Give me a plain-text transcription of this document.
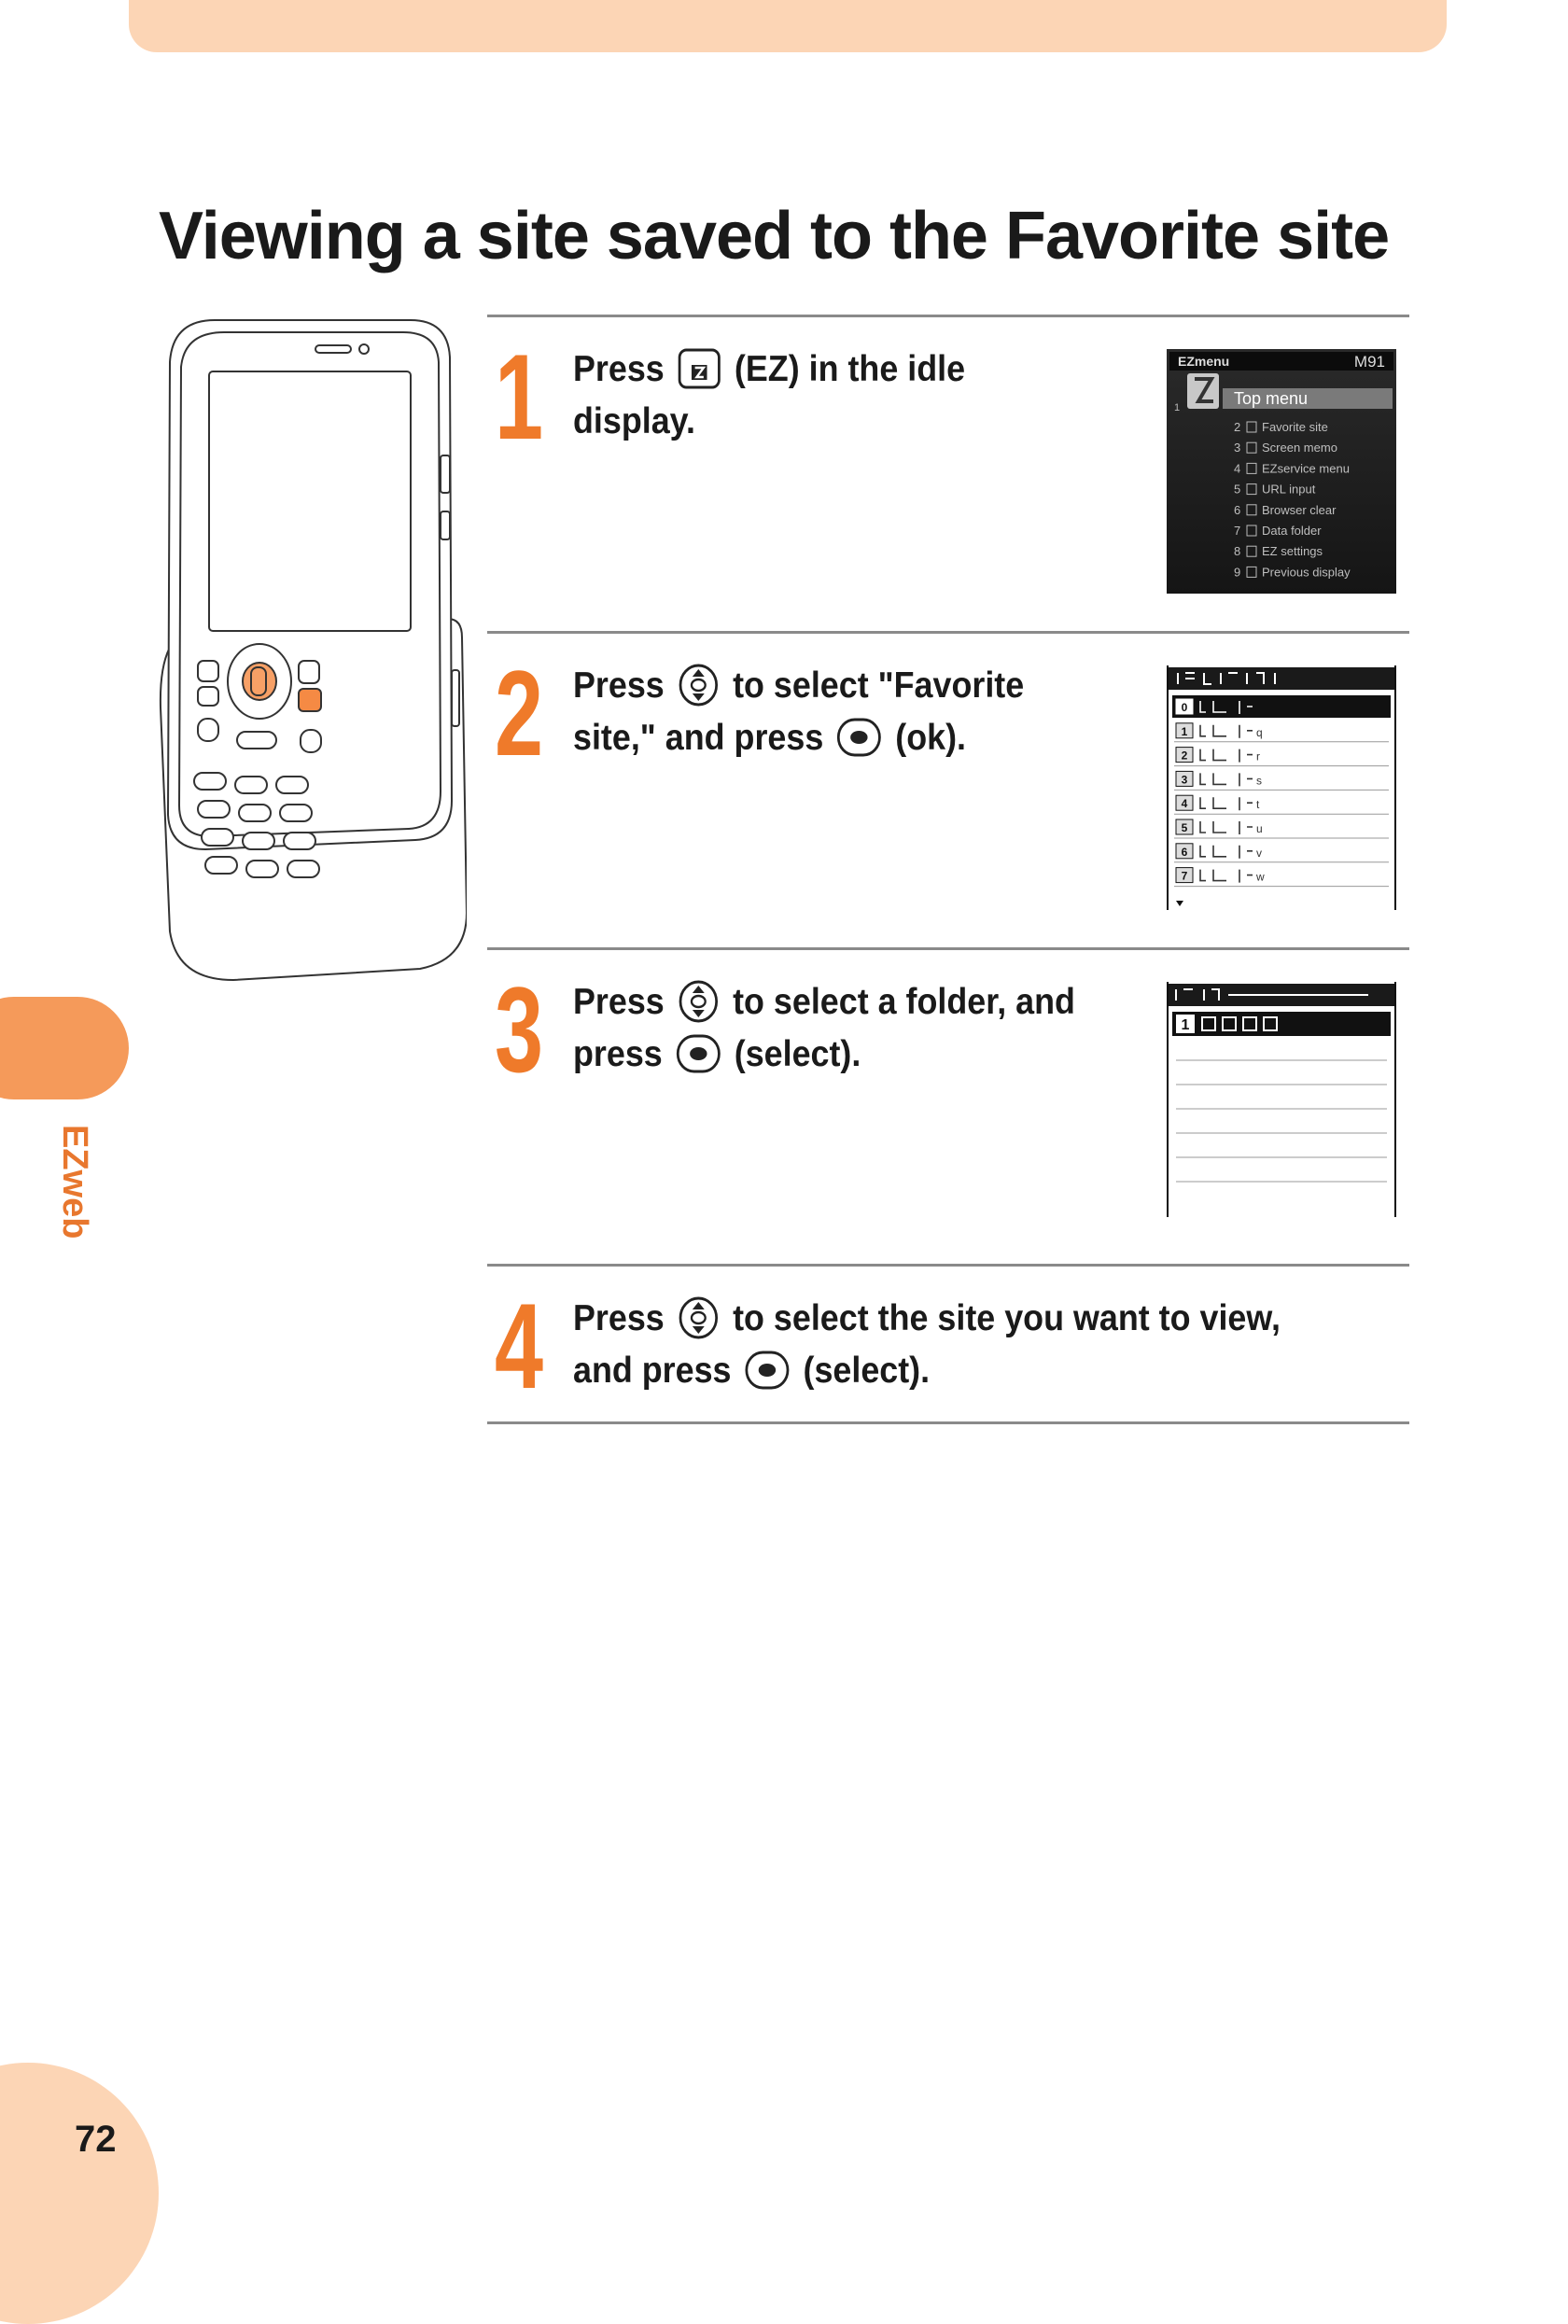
Viewing a site saved to the Favorite site
EZweb
72
1 Press (EZ) in the idle display.
EZmenu	M91
1	Top menu
2 Favorite site
3 Screen memo
4 EZservice menu
5 URL input
6 Browser clear
7 Data folder
8 EZ settings
9 Previous display
2 Press to select "Favorite site," and press (ok).
0
1	q
2	r
3	s
4	t
5	u
6	v
7	w
3 Press to select a folder, and press (select).
1
4 Press to select the site you want to view, and press (select).
